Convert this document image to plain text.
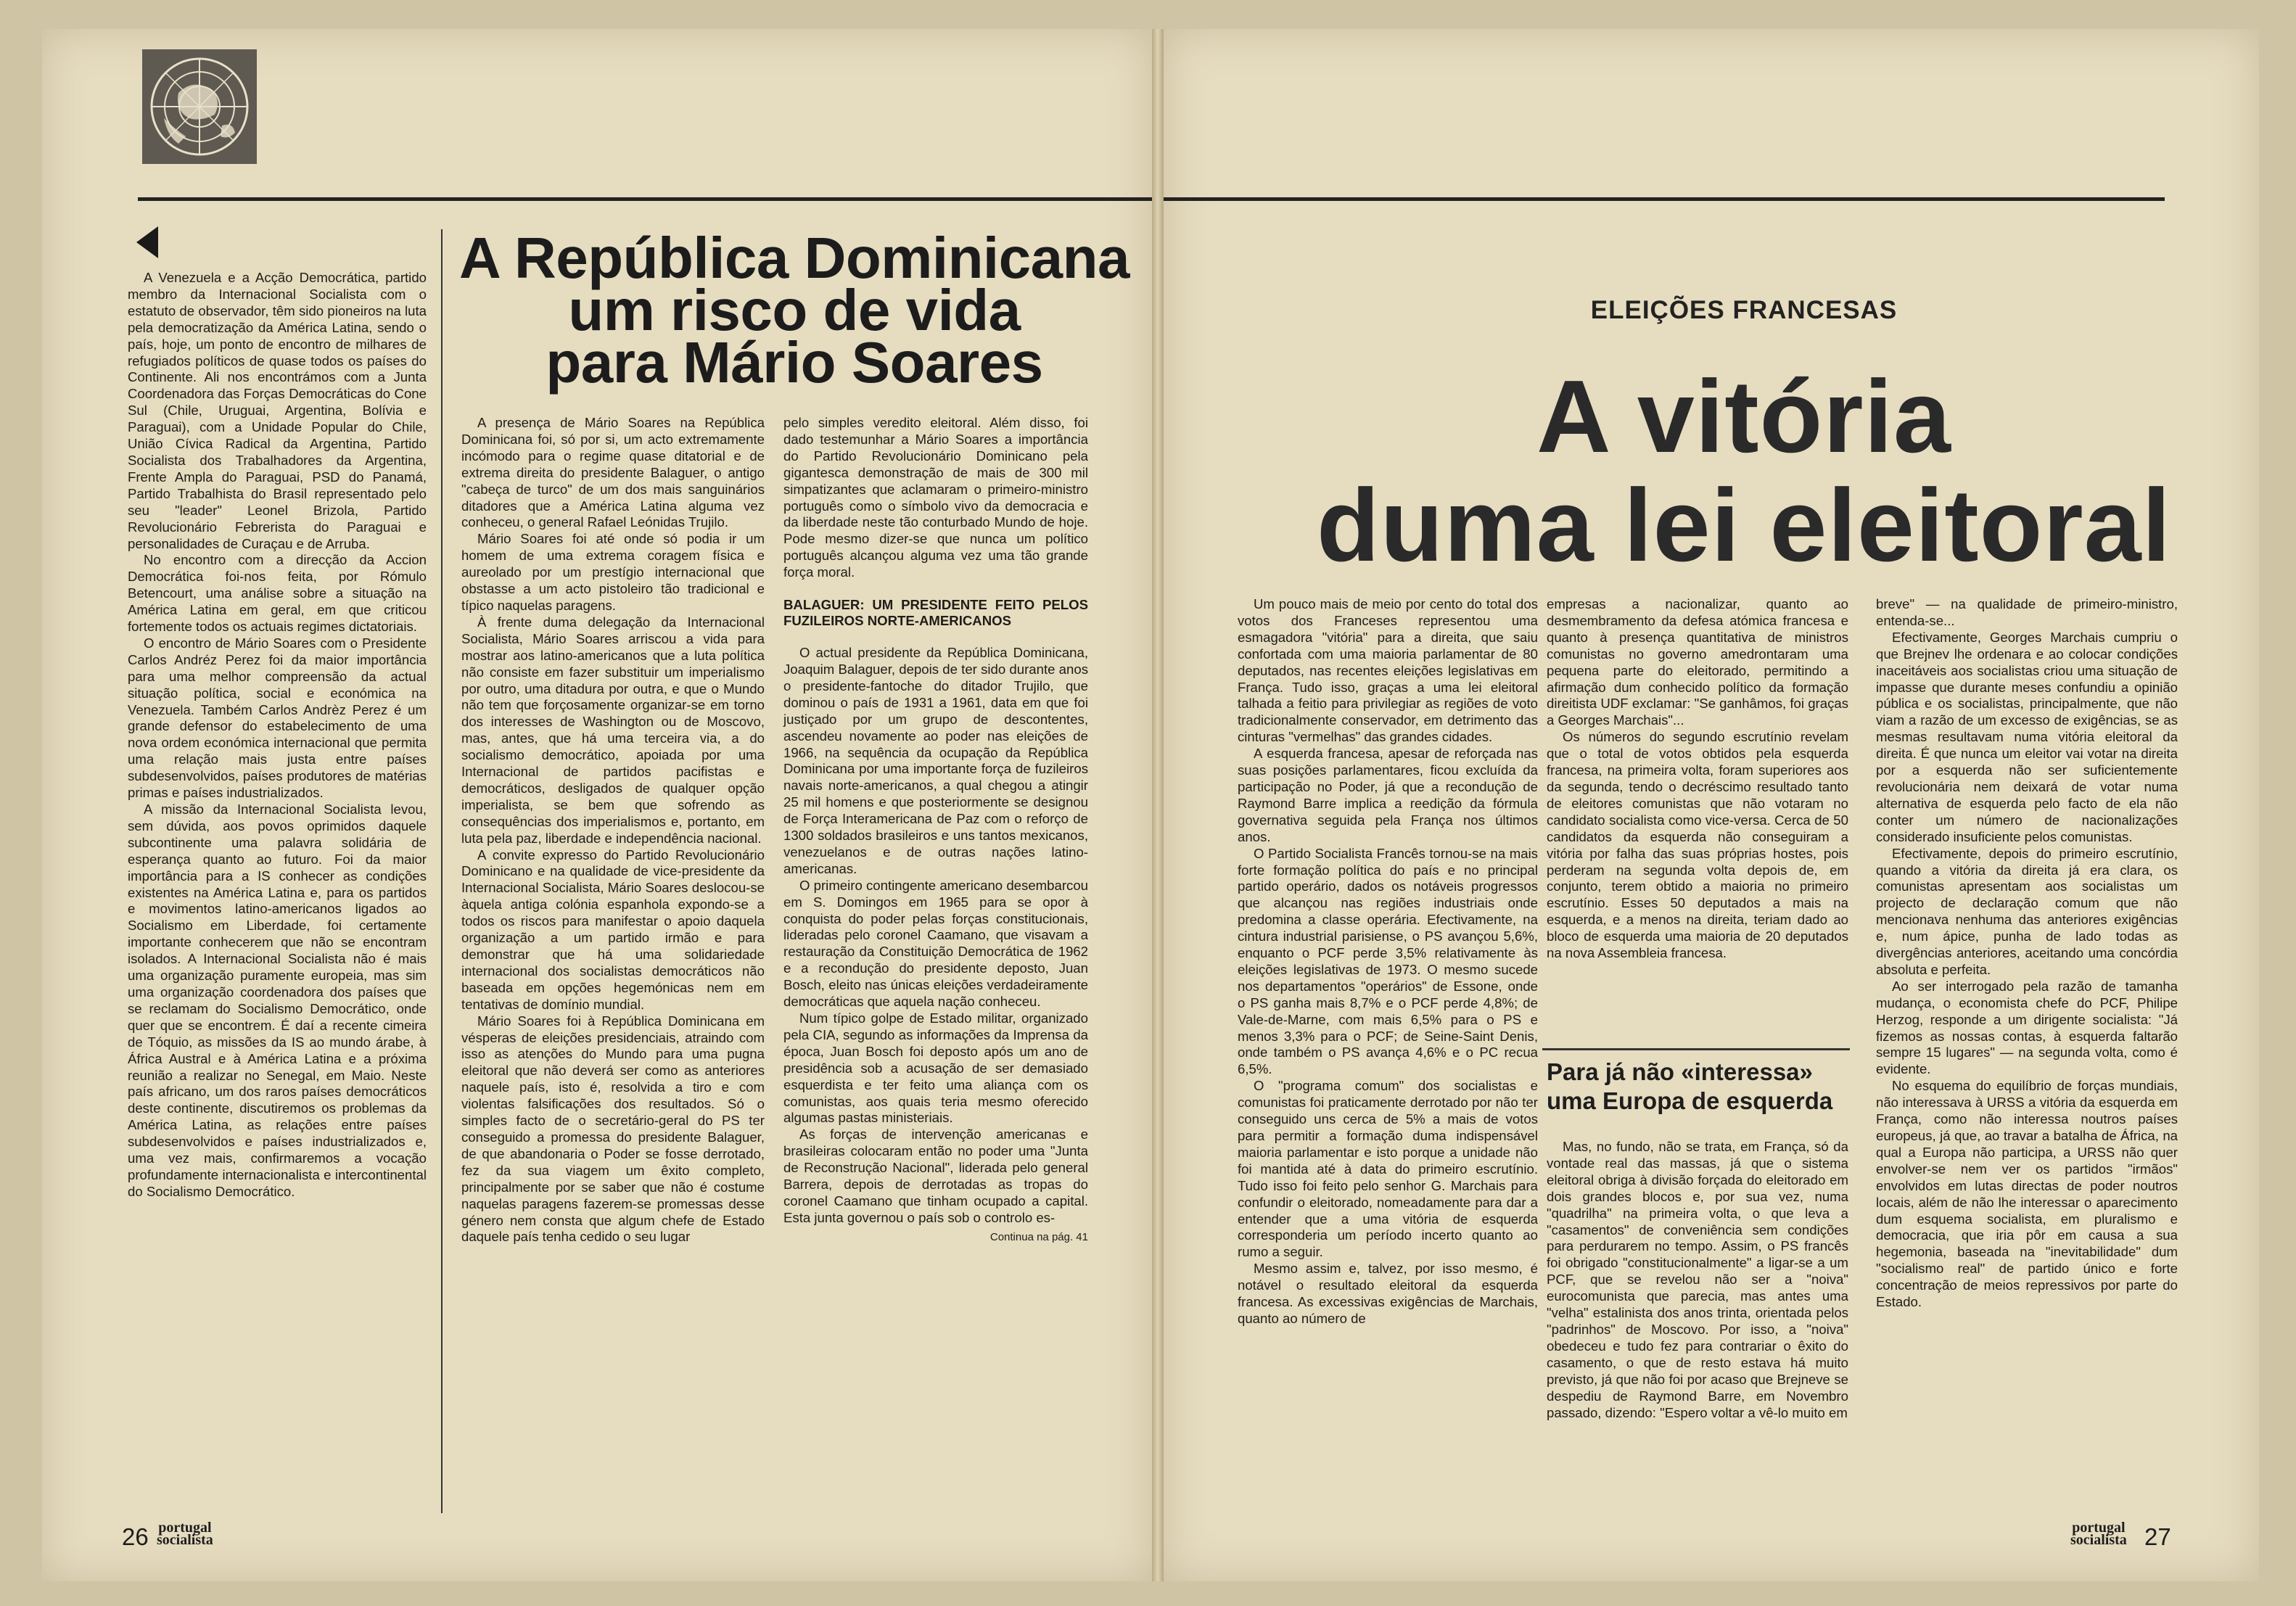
A Venezuela e a Acção Democrática, partido membro da Internacional Socialista com o estatuto de observador, têm sido pioneiros na luta pela democratização da América Latina, sendo o país, hoje, um ponto de encontro de milhares de refugiados políticos de quase todos os países do Continente. Ali nos encontrámos com a Junta Coordenadora das Forças Democráticas do Cone Sul (Chile, Uruguai, Argentina, Bolívia e Paraguai), com a Unidade Popular do Chile, União Cívica Radical da Argentina, Partido Socialista dos Trabalhadores da Argentina, Frente Ampla do Paraguai, PSD do Panamá, Partido Trabalhista do Brasil representado pelo seu "leader" Leonel Brizola, Partido Revolucionário Febrerista do Paraguai e personalidades de Curaçau e de Arruba.

No encontro com a direcção da Accion Democrática foi-nos feita, por Rómulo Betencourt, uma análise sobre a situação na América Latina em geral, em que criticou fortemente todos os actuais regimes dictatoriais.

O encontro de Mário Soares com o Presidente Carlos Andréz Perez foi da maior importância para uma melhor compreensão da actual situação política, social e económica na Venezuela. Também Carlos Andrèz Perez é um grande defensor do estabelecimento de uma nova ordem económica internacional que permita uma relação mais justa entre países subdesenvolvidos, países produtores de matérias primas e países industrializados.

A missão da Internacional Socialista levou, sem dúvida, aos povos oprimidos daquele subcontinente uma palavra solidária de esperança quanto ao futuro. Foi da maior importância para a IS conhecer as condições existentes na América Latina e, para os partidos e movimentos latino-americanos ligados ao Socialismo em Liberdade, foi certamente importante conhecerem que não se encontram isolados. A Internacional Socialista não é mais uma organização puramente europeia, mas sim uma organização coordenadora dos países que se reclamam do Socialismo Democrático, onde quer que se encontrem. É daí a recente cimeira de Tóquio, as missões da IS ao mundo árabe, à África Austral e à América Latina e a próxima reunião a realizar no Senegal, em Maio. Neste país africano, um dos raros países democráticos deste continente, discutiremos os problemas da América Latina, as relações entre países subdesenvolvidos e países industrializados e, uma vez mais, confirmaremos a vocação profundamente internacionalista e intercontinental do Socialismo Democrático.

A República Dominicana
um risco de vida
para Mário Soares

A presença de Mário Soares na República Dominicana foi, só por si, um acto extremamente incómodo para o regime quase ditatorial e de extrema direita do presidente Balaguer, o antigo "cabeça de turco" de um dos mais sanguinários ditadores que a América Latina alguma vez conheceu, o general Rafael Leónidas Trujilo.

Mário Soares foi até onde só podia ir um homem de uma extrema coragem física e aureolado por um prestígio internacional que obstasse a um acto pistoleiro tão tradicional e típico naquelas paragens.

À frente duma delegação da Internacional Socialista, Mário Soares arriscou a vida para mostrar aos latino-americanos que a luta política não consiste em fazer substituir um imperialismo por outro, uma ditadura por outra, e que o Mundo não tem que forçosamente organizar-se em torno dos interesses de Washington ou de Moscovo, mas, antes, que há uma terceira via, a do socialismo democrático, apoiada por uma Internacional de partidos pacifistas e democráticos, desligados de qualquer opção imperialista, se bem que sofrendo as consequências dos imperialismos e, portanto, em luta pela paz, liberdade e independência nacional.

A convite expresso do Partido Revolucionário Dominicano e na qualidade de vice-presidente da Internacional Socialista, Mário Soares deslocou-se àquela antiga colónia espanhola expondo-se a todos os riscos para manifestar o apoio daquela organização a um partido irmão e para demonstrar que há uma solidariedade internacional dos socialistas democráticos não baseada em opções hegemónicas nem em tentativas de domínio mundial.

Mário Soares foi à República Dominicana em vésperas de eleições presidenciais, atraindo com isso as atenções do Mundo para uma pugna eleitoral que não deverá ser como as anteriores naquele país, isto é, resolvida a tiro e com violentas falsificações dos resultados. Só o simples facto de o secretário-geral do PS ter conseguido a promessa do presidente Balaguer, de que abandonaria o Poder se fosse derrotado, fez da sua viagem um êxito completo, principalmente por se saber que não é costume naquelas paragens fazerem-se promessas desse género nem consta que algum chefe de Estado daquele país tenha cedido o seu lugar

pelo simples veredito eleitoral. Além disso, foi dado testemunhar a Mário Soares a importância do Partido Revolucionário Dominicano pela gigantesca demonstração de mais de 300 mil simpatizantes que aclamaram o primeiro-ministro português como o símbolo vivo da democracia e da liberdade neste tão conturbado Mundo de hoje. Pode mesmo dizer-se que nunca um político português alcançou alguma vez uma tão grande força moral.

BALAGUER: UM PRESIDENTE FEITO PELOS FUZILEIROS NORTE-AMERICANOS

O actual presidente da República Dominicana, Joaquim Balaguer, depois de ter sido durante anos o presidente-fantoche do ditador Trujilo, que dominou o país de 1931 a 1961, data em que foi justiçado por um grupo de descontentes, ascendeu novamente ao poder nas eleições de 1966, na sequência da ocupação da República Dominicana por uma importante força de fuzileiros navais norte-americanos, a qual chegou a atingir 25 mil homens e que posteriormente se designou de Força Interamericana de Paz com o reforço de 1300 soldados brasileiros e uns tantos mexicanos, venezuelanos e de outras nações latino-americanas.

O primeiro contingente americano desembarcou em S. Domingos em 1965 para se opor à conquista do poder pelas forças constitucionais, lideradas pelo coronel Caamano, que visavam a restauração da Constituição Democrática de 1962 e a recondução do presidente deposto, Juan Bosch, eleito nas únicas eleições verdadeiramente democráticas que aquela nação conheceu.

Num típico golpe de Estado militar, organizado pela CIA, segundo as informações da Imprensa da época, Juan Bosch foi deposto após um ano de presidência sob a acusação de ser demasiado esquerdista e ter feito uma aliança com os comunistas, aos quais teria mesmo oferecido algumas pastas ministeriais.

As forças de intervenção americanas e brasileiras colocaram então no poder uma "Junta de Reconstrução Nacional", liderada pelo general Barrera, depois de derrotadas as tropas do coronel Caamano que tinham ocupado a capital. Esta junta governou o país sob o controlo es-

Continua na pág. 41

26 portugal
socialista
ELEIÇÕES FRANCESAS
A vitória
duma lei eleitoral

Um pouco mais de meio por cento do total dos votos dos Franceses representou uma esmagadora "vitória" para a direita, que saiu confortada com uma maioria parlamentar de 80 deputados, nas recentes eleições legislativas em França. Tudo isso, graças a uma lei eleitoral talhada a feitio para privilegiar as regiões de voto tradicionalmente conservador, em detrimento das cinturas "vermelhas" das grandes cidades.

A esquerda francesa, apesar de reforçada nas suas posições parlamentares, ficou excluída da participação no Poder, já que a recondução de Raymond Barre implica a reedição da fórmula governativa seguida pela França nos últimos anos.

O Partido Socialista Francês tornou-se na mais forte formação política do país e no principal partido operário, dados os notáveis progressos que alcançou nas regiões industriais onde predomina a classe operária. Efectivamente, na cintura industrial parisiense, o PS avançou 5,6%, enquanto o PCF perde 3,5% relativamente às eleições legislativas de 1973. O mesmo sucede nos departamentos "operários" de Essone, onde o PS ganha mais 8,7% e o PCF perde 4,8%; de Vale-de-Marne, com mais 6,5% para o PS e menos 3,3% para o PCF; de Seine-Saint Denis, onde também o PS avança 4,6% e o PC recua 6,5%.

O "programa comum" dos socialistas e comunistas foi praticamente derrotado por não ter conseguido uns cerca de 5% a mais de votos para permitir a formação duma indispensável maioria parlamentar e isto porque a unidade não foi mantida até à data do primeiro escrutínio. Tudo isso foi feito pelo senhor G. Marchais para confundir o eleitorado, nomeadamente para dar a entender que a uma vitória de esquerda corresponderia um período incerto quanto ao rumo a seguir.

Mesmo assim e, talvez, por isso mesmo, é notável o resultado eleitoral da esquerda francesa. As excessivas exigências de Marchais, quanto ao número de

empresas a nacionalizar, quanto ao desmembramento da defesa atómica francesa e quanto à presença quantitativa de ministros comunistas no governo amedrontaram uma pequena parte do eleitorado, permitindo a afirmação dum conhecido político da formação direitista UDF exclamar: "Se ganhâmos, foi graças a Georges Marchais"...

Os números do segundo escrutínio revelam que o total de votos obtidos pela esquerda francesa, na primeira volta, foram superiores aos da segunda, tendo o decréscimo resultado tanto de eleitores comunistas que não votaram no candidato socialista como vice-versa. Cerca de 50 candidatos da esquerda não conseguiram a vitória por falha das suas próprias hostes, pois perderam na segunda volta depois de, em conjunto, terem obtido a maioria no primeiro escrutínio. Esses 50 deputados a mais na esquerda, e a menos na direita, teriam dado ao bloco de esquerda uma maioria de 20 deputados na nova Assembleia francesa.

Para já não «interessa»
uma Europa de esquerda

Mas, no fundo, não se trata, em França, só da vontade real das massas, já que o sistema eleitoral obriga à divisão forçada do eleitorado em dois grandes blocos e, por sua vez, numa "quadrilha" na primeira volta, o que leva a "casamentos" de conveniência sem condições para perdurarem no tempo. Assim, o PS francês foi obrigado "constitucionalmente" a ligar-se a um PCF, que se revelou não ser a "noiva" eurocomunista que parecia, mas antes uma "velha" estalinista dos anos trinta, orientada pelos "padrinhos" de Moscovo. Por isso, a "noiva" obedeceu e tudo fez para contrariar o êxito do casamento, o que de resto estava há muito previsto, já que não foi por acaso que Brejneve se despediu de Raymond Barre, em Novembro passado, dizendo: "Espero voltar a vê-lo muito em

breve" — na qualidade de primeiro-ministro, entenda-se...

Efectivamente, Georges Marchais cumpriu o que Brejnev lhe ordenara e ao colocar condições inaceitáveis aos socialistas criou uma situação de impasse que durante meses confundiu a opinião pública e os socialistas, principalmente, que não viam a razão de um excesso de exigências, se as mesmas resultavam numa vitória eleitoral da direita. É que nunca um eleitor vai votar na direita por a esquerda não ser suficientemente revolucionária nem deixará de votar numa alternativa de esquerda pelo facto de ela não conter um número de nacionalizações considerado insuficiente pelos comunistas.

Efectivamente, depois do primeiro escrutínio, quando a vitória da direita já era clara, os comunistas apresentam aos socialistas um projecto de declaração comum que não mencionava nenhuma das anteriores exigências e, num ápice, punha de lado todas as divergências anteriores, aceitando uma concórdia absoluta e perfeita.

Ao ser interrogado pela razão de tamanha mudança, o economista chefe do PCF, Philipe Herzog, responde a um dirigente socialista: "Já fizemos as nossas contas, à esquerda faltarão sempre 15 lugares" — na segunda volta, como é evidente.

No esquema do equilíbrio de forças mundiais, não interessava à URSS a vitória da esquerda em França, como não interessa noutros países europeus, já que, ao travar a batalha de África, na qual a Europa não participa, a URSS não quer envolver-se nem ver os partidos "irmãos" envolvidos em lutas directas de poder noutros locais, além de não lhe interessar o aparecimento dum esquema socialista, em pluralismo e democracia, que iria pôr em causa a sua hegemonia, baseada na "inevitabilidade" dum "socialismo real" de partido único e forte concentração de meios repressivos por parte do Estado.

portugal
socialista 27
